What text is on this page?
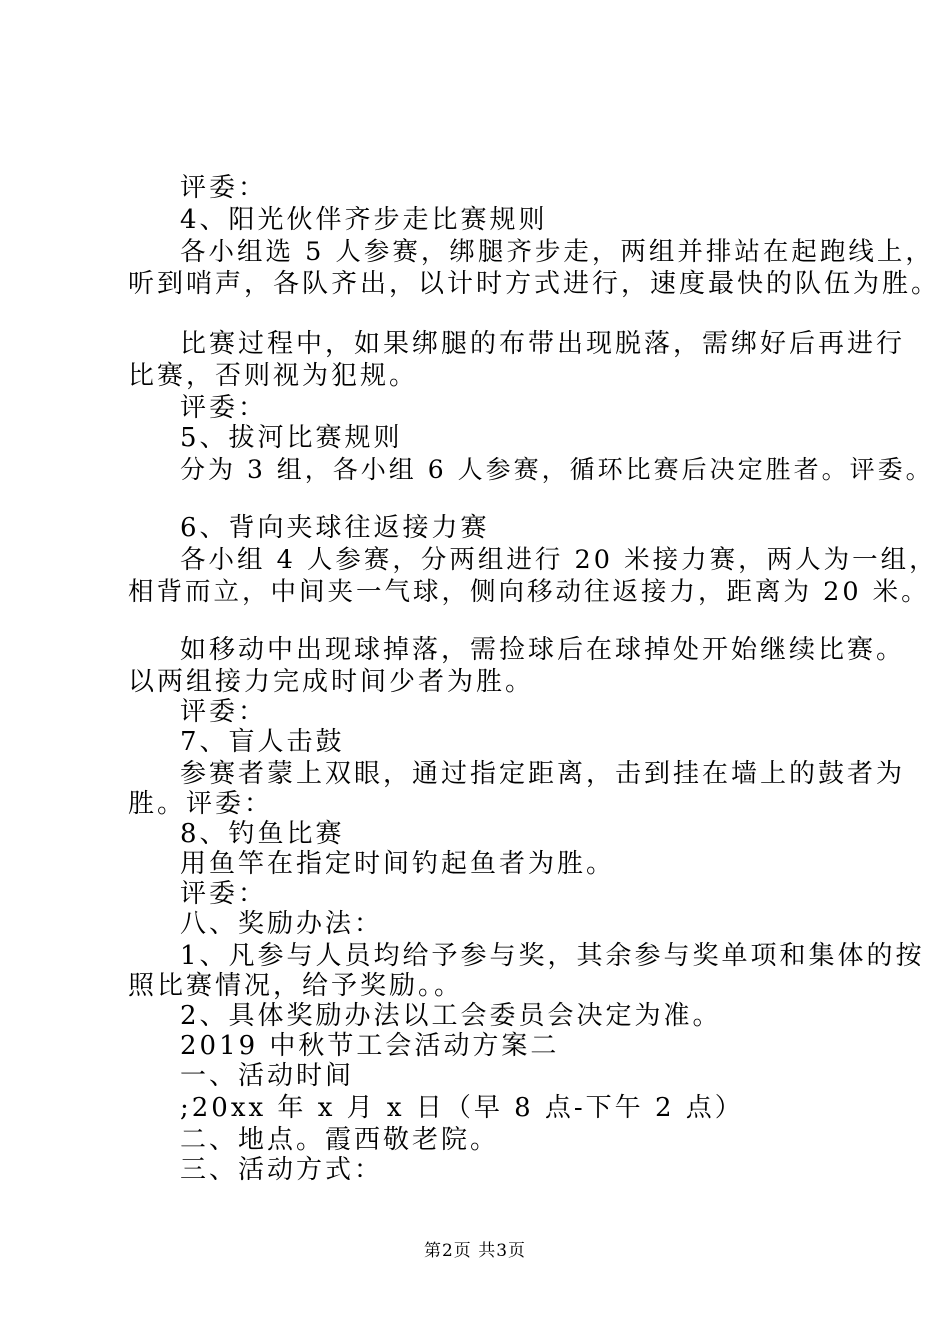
评委：
4、阳光伙伴齐步走比赛规则
各小组选 5 人参赛，绑腿齐步走，两组并排站在起跑线上，
听到哨声，各队齐出，以计时方式进行，速度最快的队伍为胜。
比赛过程中，如果绑腿的布带出现脱落，需绑好后再进行
比赛，否则视为犯规。
评委：
5、拔河比赛规则
分为 3 组，各小组 6 人参赛，循环比赛后决定胜者。评委。
6、背向夹球往返接力赛
各小组 4 人参赛，分两组进行 20 米接力赛，两人为一组，
相背而立，中间夹一气球，侧向移动往返接力，距离为 20 米。
如移动中出现球掉落，需捡球后在球掉处开始继续比赛。
以两组接力完成时间少者为胜。
评委：
7、盲人击鼓
参赛者蒙上双眼，通过指定距离，击到挂在墙上的鼓者为
胜。评委：
8、钓鱼比赛
用鱼竿在指定时间钓起鱼者为胜。
评委：
八、奖励办法：
1、凡参与人员均给予参与奖，其余参与奖单项和集体的按
照比赛情况，给予奖励。。
2、具体奖励办法以工会委员会决定为准。
2019 中秋节工会活动方案二
一、活动时间
;20xx 年 x 月 x 日（早 8 点-下午 2 点）
二、地点。霞西敬老院。
三、活动方式：
第2页 共3页
